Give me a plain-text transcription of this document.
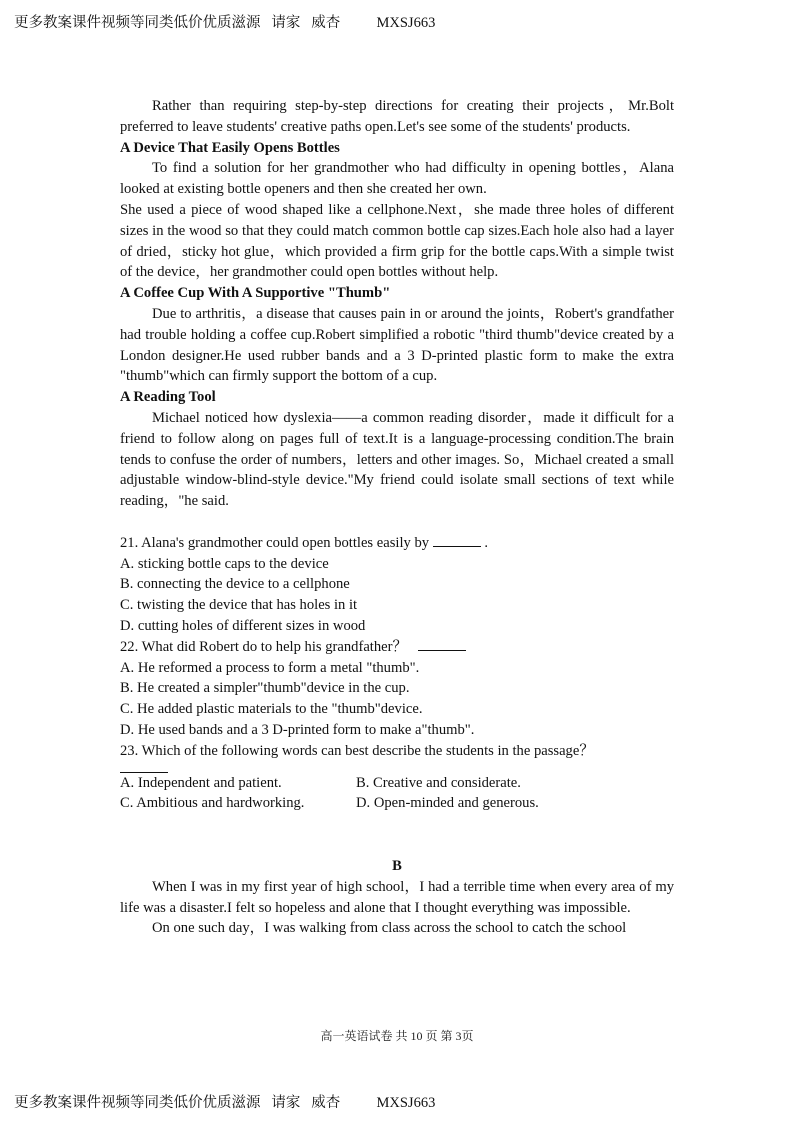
更多教案课件视频等同类低价优质滋源   请家   威杏          MXSJ663

Rather than requiring step-by-step directions for creating their projects，Mr.Bolt preferred to leave students' creative paths open.Let's see some of the students' products.

A Device That Easily Opens Bottles

To find a solution for her grandmother who had difficulty in opening bottles，Alana looked at existing bottle openers and then she created her own.

She used a piece of wood shaped like a cellphone.Next，she made three holes of different sizes in the wood so that they could match common bottle cap sizes.Each hole also had a layer of dried，sticky hot glue，which provided a firm grip for the bottle caps.With a simple twist of the device，her grandmother could open bottles without help.

A Coffee Cup With A Supportive "Thumb"

Due to arthritis，a disease that causes pain in or around the joints，Robert's grandfather had trouble holding a coffee cup.Robert simplified a robotic "third thumb"device created by a London designer.He used rubber bands and a 3 D-printed plastic form to make the extra "thumb"which can firmly support the bottom of a cup.

A Reading Tool

Michael noticed how dyslexia——a common reading disorder，made it difficult for a friend to follow along on pages full of text.It is a language-processing condition.The brain tends to confuse the order of numbers，letters and other images. So，Michael created a small adjustable window-blind-style device."My friend could isolate small sections of text while reading，"he said.

21. Alana's grandmother could open bottles easily by	.

A. sticking bottle caps to the device

B. connecting the device to a cellphone

C. twisting the device that has holes in it

D. cutting holes of different sizes in wood

22. What did Robert do to help his grandfather？

A. He reformed a process to form a metal "thumb".

B. He created a simpler"thumb"device in the cup.

C. He added plastic materials to the "thumb"device.

D. He used bands and a 3 D-printed form to make a"thumb".

23. Which of the following words can best describe the students in the passage？

A. Independent and patient.	B. Creative and considerate.
C. Ambitious and hardworking.	D. Open-minded and generous.

B

When I was in my first year of high school，I had a terrible time when every area of my life was a disaster.I felt so hopeless and alone that I thought everything was impossible.

On one such day，I was walking from class across the school to catch the school

高一英语试卷 共 10 页 第 3页
更多教案课件视频等同类低价优质滋源   请家   威杏          MXSJ663
